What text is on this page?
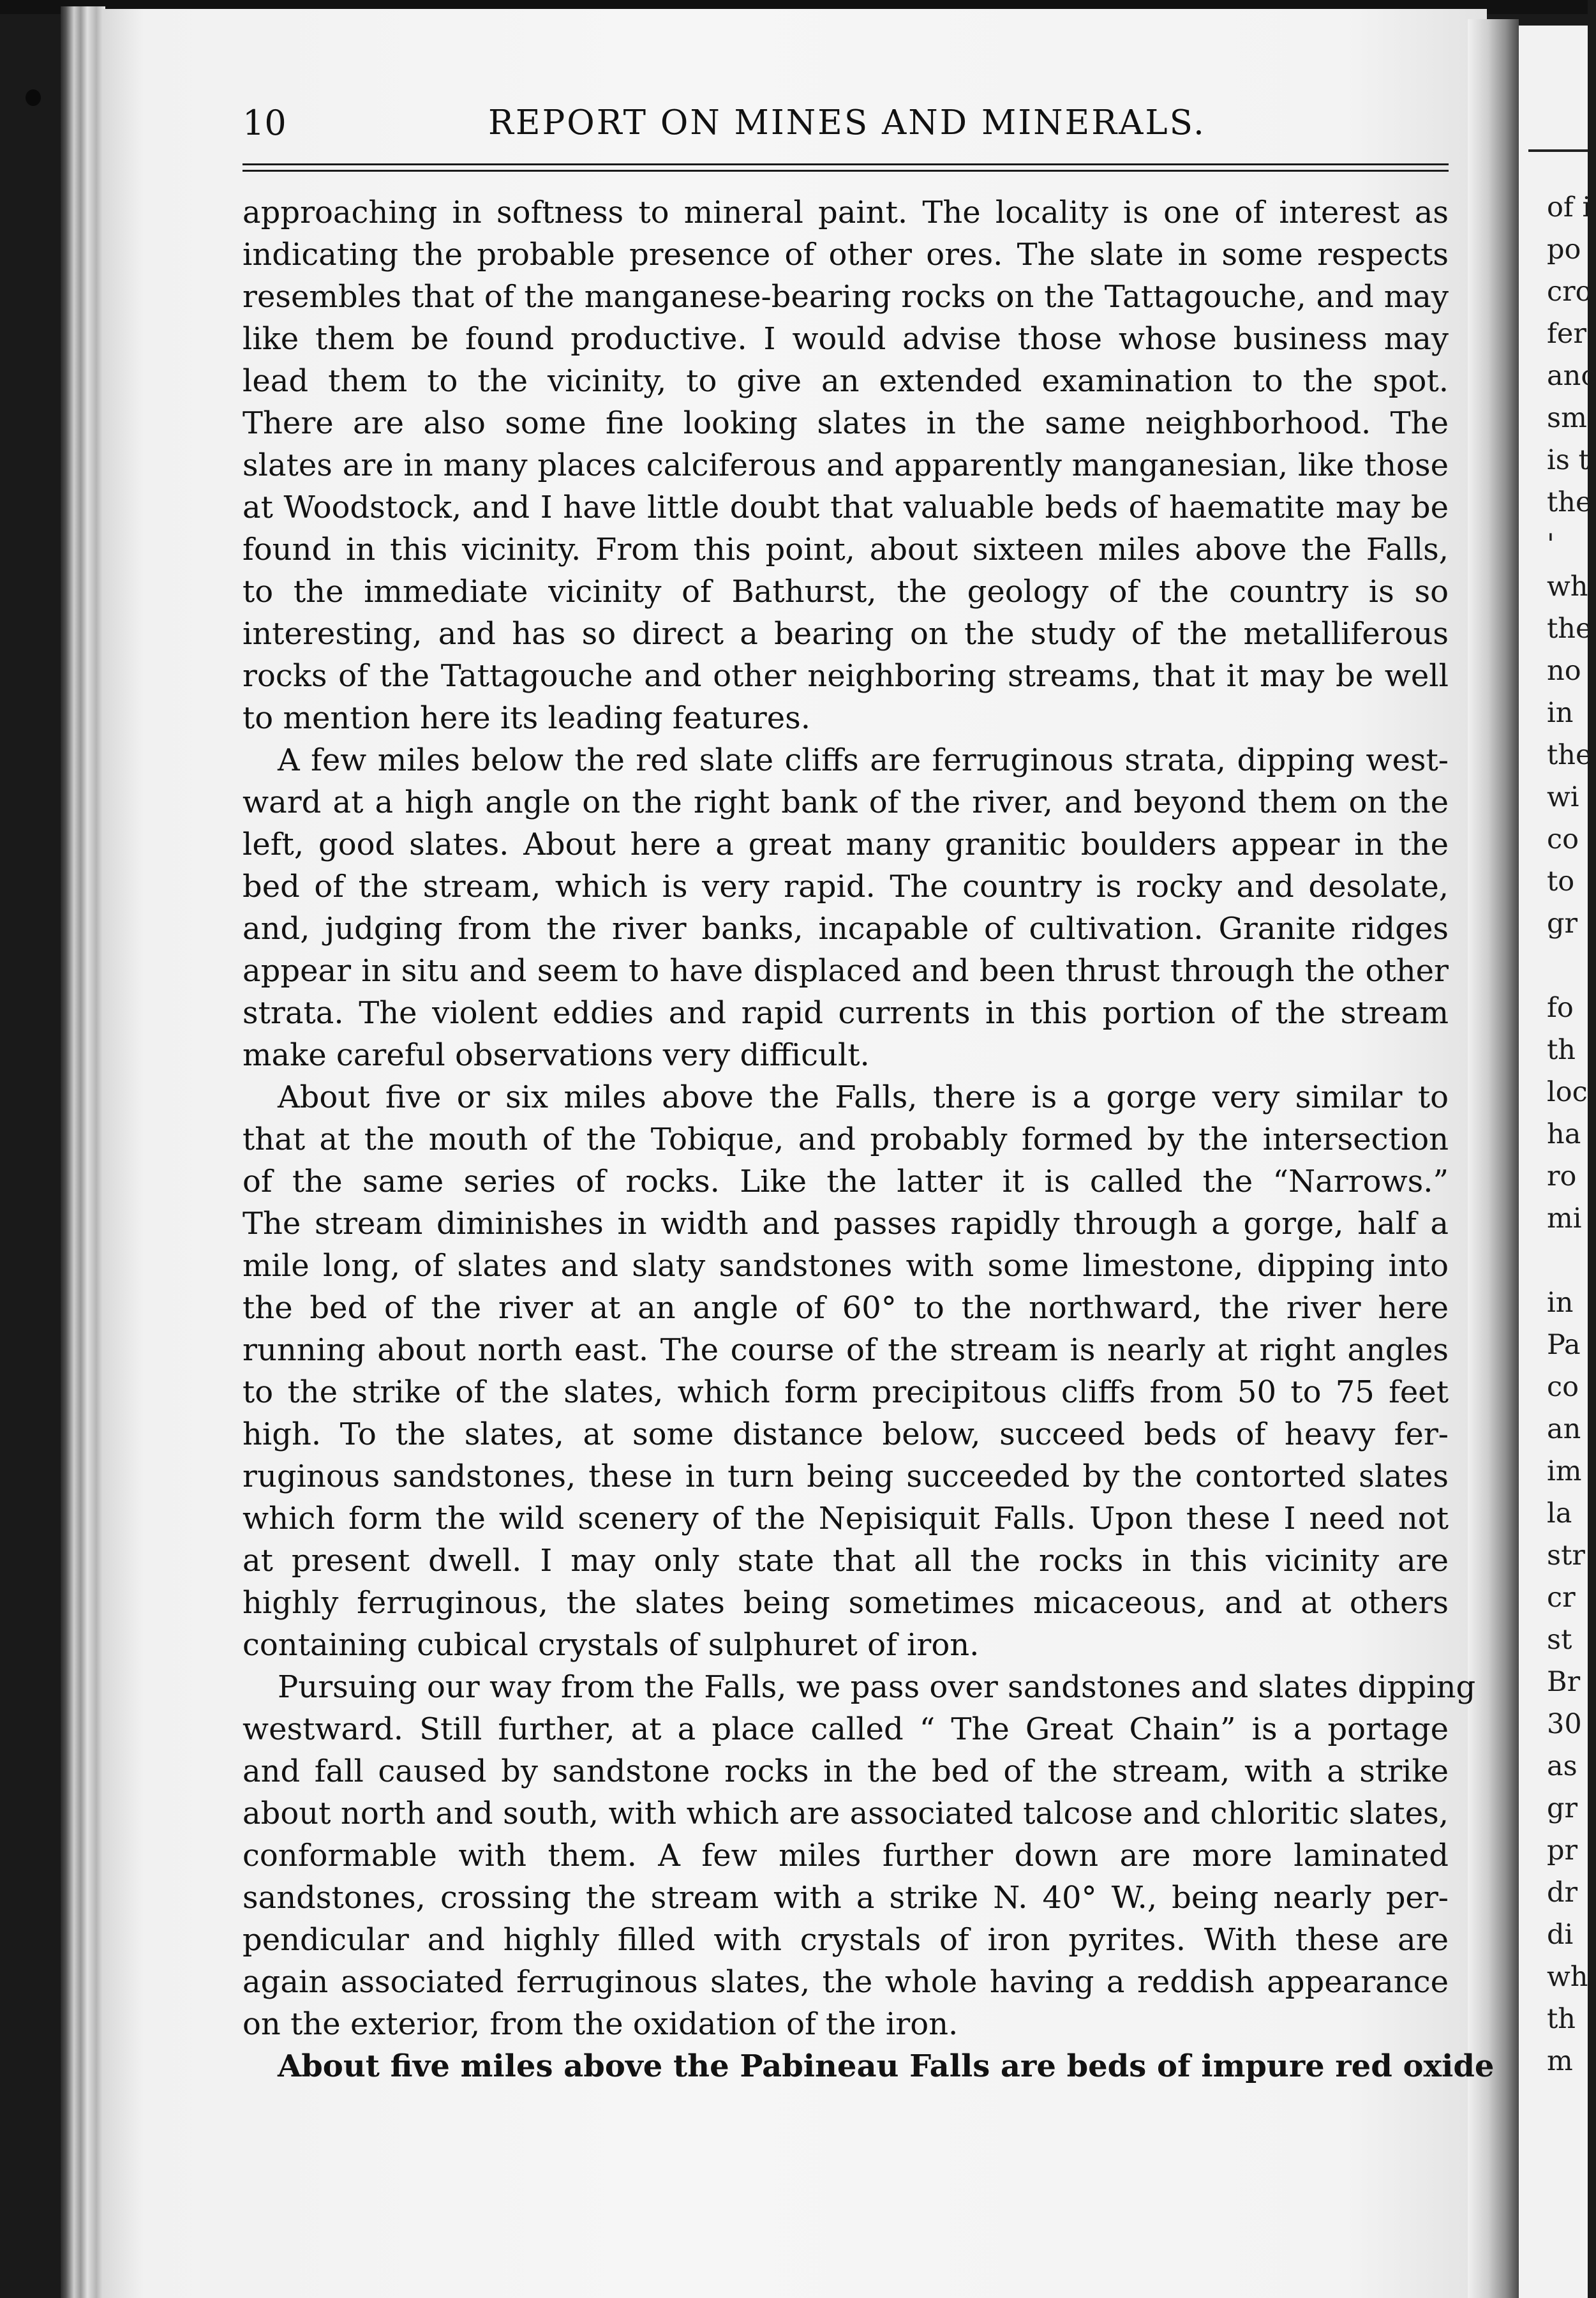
of i
po
cro
fer
anc
sm
is t
the
'
wh
the
no
in
the
wi
co
to
gr
fo
th
loc
ha
ro
mi
in
Pa
co
an
im
la
str
cr
st
Br
30
as
gr
pr
dr
di
wh
th
m
10	REPORT ON MINES AND MINERALS.
approaching in softness to mineral paint. The locality is one of interest as
indicating the probable presence of other ores. The slate in some respects
resembles that of the manganese-bearing rocks on the Tattagouche, and may
like them be found productive. I would advise those whose business may
lead them to the vicinity, to give an extended examination to the spot.
There are also some fine looking slates in the same neighborhood. The
slates are in many places calciferous and apparently manganesian, like those
at Woodstock, and I have little doubt that valuable beds of haematite may be
found in this vicinity. From this point, about sixteen miles above the Falls,
to the immediate vicinity of Bathurst, the geology of the country is so
interesting, and has so direct a bearing on the study of the metalliferous
rocks of the Tattagouche and other neighboring streams, that it may be well
to mention here its leading features.
A few miles below the red slate cliffs are ferruginous strata, dipping west-
ward at a high angle on the right bank of the river, and beyond them on the
left, good slates. About here a great many granitic boulders appear in the
bed of the stream, which is very rapid. The country is rocky and desolate,
and, judging from the river banks, incapable of cultivation. Granite ridges
appear in situ and seem to have displaced and been thrust through the other
strata. The violent eddies and rapid currents in this portion of the stream
make careful observations very difficult.
About five or six miles above the Falls, there is a gorge very similar to
that at the mouth of the Tobique, and probably formed by the intersection
of the same series of rocks. Like the latter it is called the “Narrows.”
The stream diminishes in width and passes rapidly through a gorge, half a
mile long, of slates and slaty sandstones with some limestone, dipping into
the bed of the river at an angle of 60° to the northward, the river here
running about north east. The course of the stream is nearly at right angles
to the strike of the slates, which form precipitous cliffs from 50 to 75 feet
high. To the slates, at some distance below, succeed beds of heavy fer-
ruginous sandstones, these in turn being succeeded by the contorted slates
which form the wild scenery of the Nepisiquit Falls. Upon these I need not
at present dwell. I may only state that all the rocks in this vicinity are
highly ferruginous, the slates being sometimes micaceous, and at others
containing cubical crystals of sulphuret of iron.
Pursuing our way from the Falls, we pass over sandstones and slates dipping
westward. Still further, at a place called “ The Great Chain” is a portage
and fall caused by sandstone rocks in the bed of the stream, with a strike
about north and south, with which are associated talcose and chloritic slates,
conformable with them. A few miles further down are more laminated
sandstones, crossing the stream with a strike N. 40° W., being nearly per-
pendicular and highly filled with crystals of iron pyrites. With these are
again associated ferruginous slates, the whole having a reddish appearance
on the exterior, from the oxidation of the iron.
About five miles above the Pabineau Falls are beds of impure red oxide
